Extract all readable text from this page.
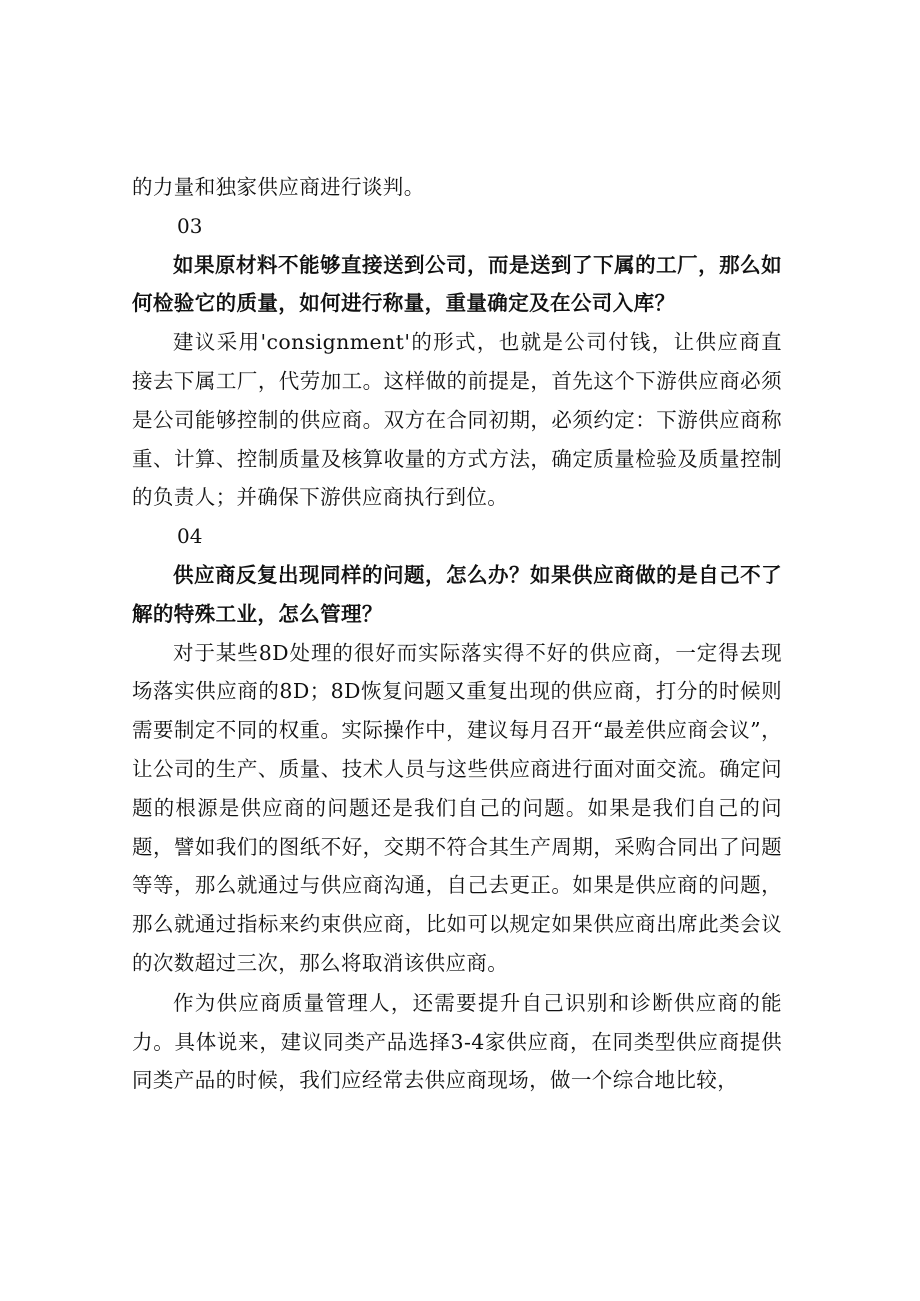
的力量和独家供应商进行谈判。

03

如果原材料不能够直接送到公司，而是送到了下属的工厂，那么如何检验它的质量，如何进行称量，重量确定及在公司入库？

建议采用'consignment'的形式，也就是公司付钱，让供应商直接去下属工厂，代劳加工。这样做的前提是，首先这个下游供应商必须是公司能够控制的供应商。双方在合同初期，必须约定：下游供应商称重、计算、控制质量及核算收量的方式方法，确定质量检验及质量控制的负责人；并确保下游供应商执行到位。

04

供应商反复出现同样的问题，怎么办？如果供应商做的是自己不了解的特殊工业，怎么管理？

对于某些8D处理的很好而实际落实得不好的供应商，一定得去现场落实供应商的8D；8D恢复问题又重复出现的供应商，打分的时候则需要制定不同的权重。实际操作中，建议每月召开“最差供应商会议”，让公司的生产、质量、技术人员与这些供应商进行面对面交流。确定问题的根源是供应商的问题还是我们自己的问题。如果是我们自己的问题，譬如我们的图纸不好，交期不符合其生产周期，采购合同出了问题等等，那么就通过与供应商沟通，自己去更正。如果是供应商的问题，那么就通过指标来约束供应商，比如可以规定如果供应商出席此类会议的次数超过三次，那么将取消该供应商。

作为供应商质量管理人，还需要提升自己识别和诊断供应商的能力。具体说来，建议同类产品选择3-4家供应商，在同类型供应商提供同类产品的时候，我们应经常去供应商现场，做一个综合地比较，
